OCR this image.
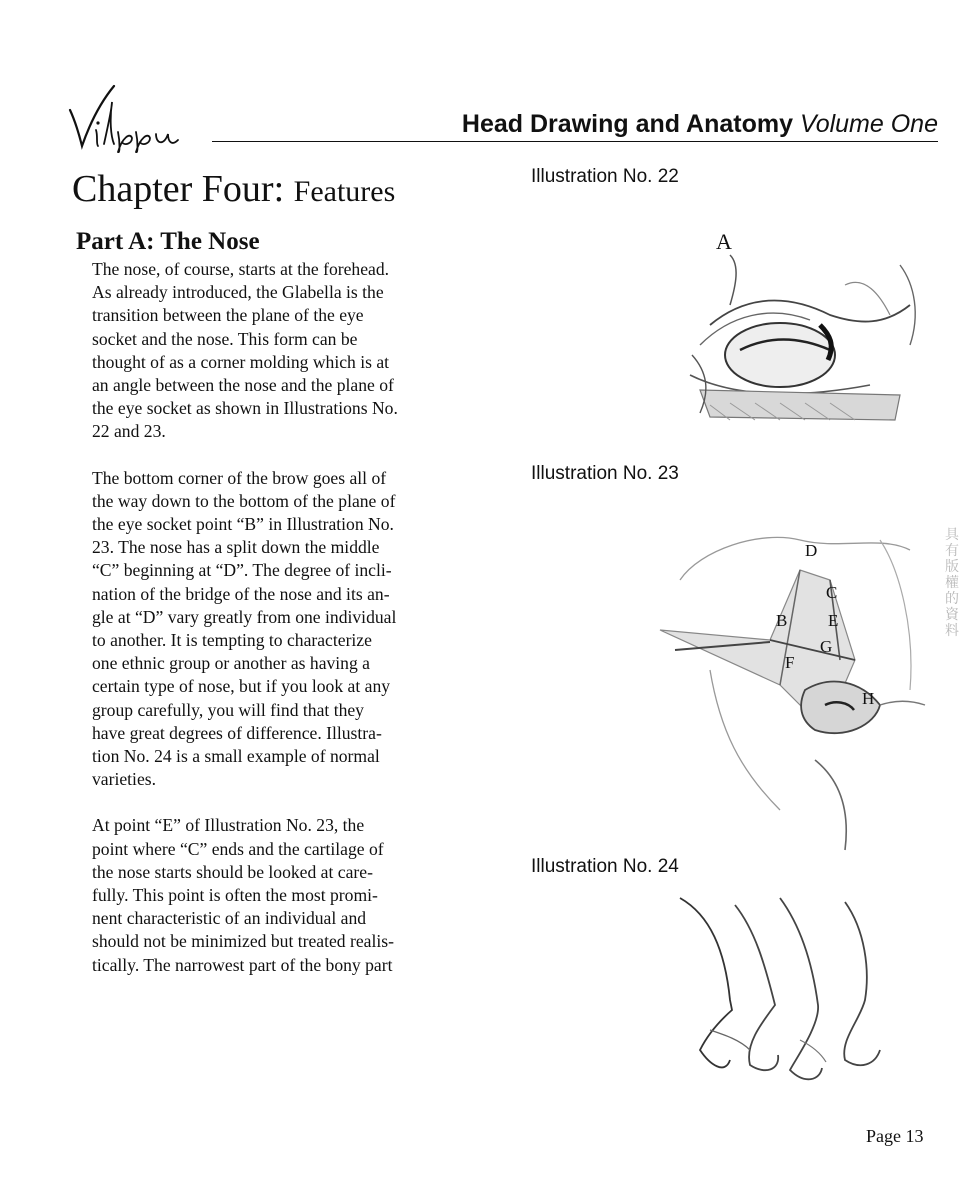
Head Drawing and Anatomy Volume One
Chapter Four: Features
Part A: The Nose

The nose, of course, starts at the forehead.
As already introduced, the Glabella is the
transition between the plane of the eye
socket and the nose. This form can be
thought of as a corner molding which is at
an angle between the nose and the plane of
the eye socket as shown in Illustrations No.
22 and 23.

The bottom corner of the brow goes all of
the way down to the bottom of the plane of
the eye socket point “B” in Illustration No.
23. The nose has a split down the middle
“C” beginning at “D”. The degree of incli-
nation of the bridge of the nose and its an-
gle at “D” vary greatly from one individual
to another. It is tempting to characterize
one ethnic group or another as having a
certain type of nose, but if you look at any
group carefully, you will find that they
have great degrees of difference. Illustra-
tion No. 24 is a small example of normal
varieties.

At point “E” of Illustration No. 23, the
point where “C” ends and the cartilage of
the nose starts should be looked at care-
fully. This point is often the most promi-
nent characteristic of an individual and
should not be minimized but treated realis-
tically. The narrowest part of the bony part

Illustration No. 22
A
Illustration No. 23
D
C
B E
G
F
H
Illustration No. 24
具有版權的資料
Page 13
